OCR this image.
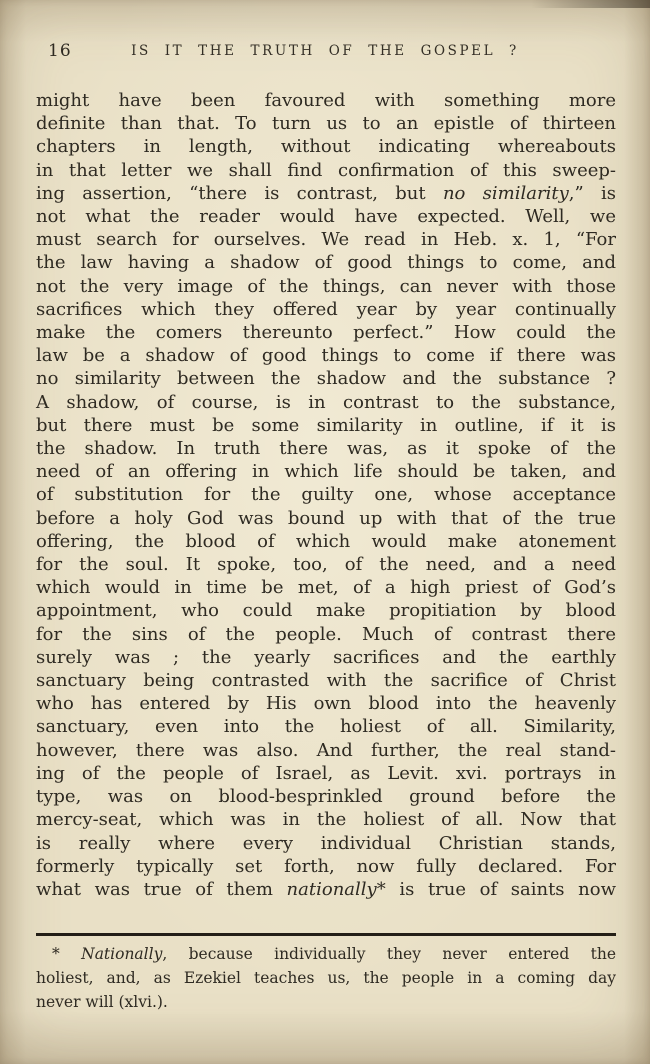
16	IS IT THE TRUTH OF THE GOSPEL ?
might have been favoured with something more
definite than that. To turn us to an epistle of thirteen
chapters in length, without indicating whereabouts
in that letter we shall find confirmation of this sweep-
ing assertion, “there is contrast, but no similarity,” is
not what the reader would have expected. Well, we
must search for ourselves. We read in Heb. x. 1, “For
the law having a shadow of good things to come, and
not the very image of the things, can never with those
sacrifices which they offered year by year continually
make the comers thereunto perfect.” How could the
law be a shadow of good things to come if there was
no similarity between the shadow and the substance ?
A shadow, of course, is in contrast to the substance,
but there must be some similarity in outline, if it is
the shadow. In truth there was, as it spoke of the
need of an offering in which life should be taken, and
of substitution for the guilty one, whose acceptance
before a holy God was bound up with that of the true
offering, the blood of which would make atonement
for the soul. It spoke, too, of the need, and a need
which would in time be met, of a high priest of God’s
appointment, who could make propitiation by blood
for the sins of the people. Much of contrast there
surely was ; the yearly sacrifices and the earthly
sanctuary being contrasted with the sacrifice of Christ
who has entered by His own blood into the heavenly
sanctuary, even into the holiest of all. Similarity,
however, there was also. And further, the real stand-
ing of the people of Israel, as Levit. xvi. portrays in
type, was on blood-besprinkled ground before the
mercy-seat, which was in the holiest of all. Now that
is really where every individual Christian stands,
formerly typically set forth, now fully declared. For
what was true of them nationally* is true of saints now
* Nationally, because individually they never entered the
holiest, and, as Ezekiel teaches us, the people in a coming day
never will (xlvi.).
